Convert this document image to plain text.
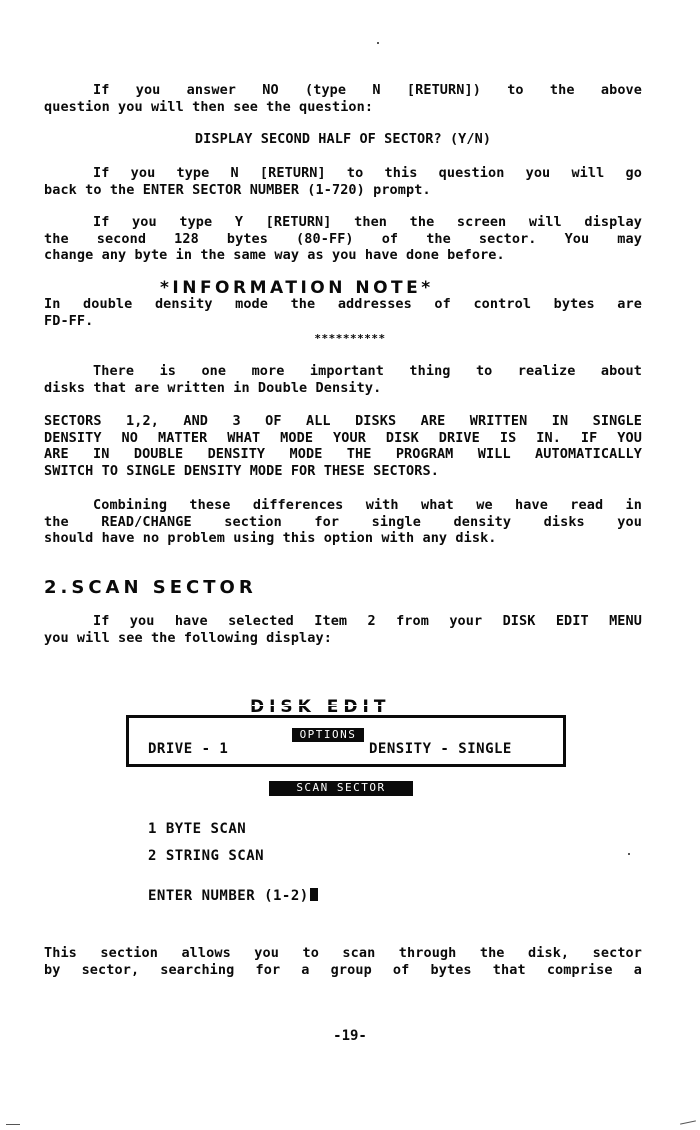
If you answer NO (type N [RETURN]) to the above
question you will then see the question:
DISPLAY SECOND HALF OF SECTOR? (Y/N)
If you type N [RETURN] to this question you will go
back to the ENTER SECTOR NUMBER (1-720) prompt.
If you type Y [RETURN] then the screen will display
the second 128 bytes (80-FF) of the sector. You may
change any byte in the same way as you have done before.
*INFORMATION NOTE*
In double density mode the addresses of control bytes are
FD-FF.
**********
There is one more important thing to realize about
disks that are written in Double Density.
SECTORS 1,2, AND 3 OF ALL DISKS ARE WRITTEN IN SINGLE
DENSITY NO MATTER WHAT MODE YOUR DISK DRIVE IS IN. IF YOU
ARE IN DOUBLE DENSITY MODE THE PROGRAM WILL AUTOMATICALLY
SWITCH TO SINGLE DENSITY MODE FOR THESE SECTORS.
Combining these differences with what we have read in
the READ/CHANGE section for single density disks you
should have no problem using this option with any disk.
2.SCAN SECTOR
If you have selected Item 2 from your DISK EDIT MENU
you will see the following display:
DISK EDIT
OPTIONS
DRIVE - 1	DENSITY - SINGLE
SCAN SECTOR
1 BYTE SCAN
2 STRING SCAN
ENTER NUMBER (1-2)
This section allows you to scan through the disk, sector
by sector, searching for a group of bytes that comprise a
-19-
